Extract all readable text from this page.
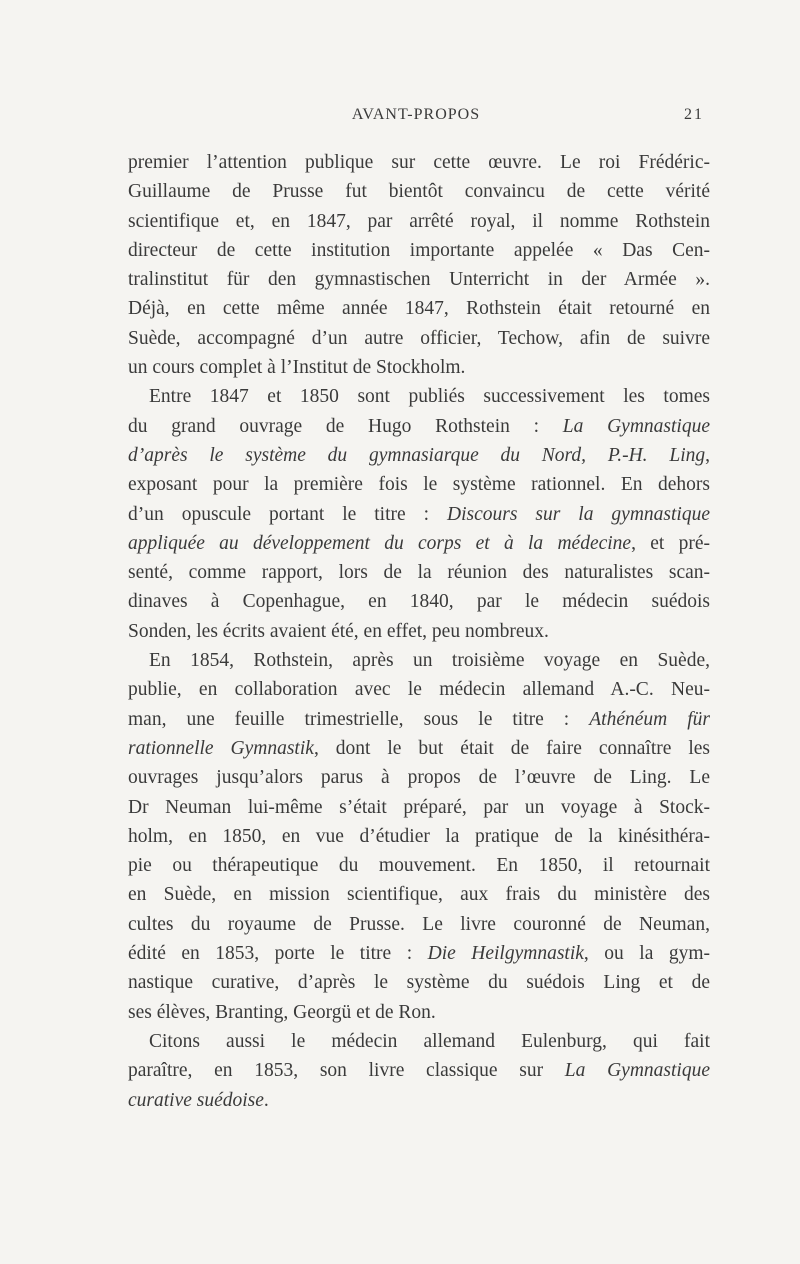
AVANT-PROPOS	21
premier l’attention publique sur cette œuvre. Le roi Frédéric-
Guillaume de Prusse fut bientôt convaincu de cette vérité
scientifique et, en 1847, par arrêté royal, il nomme Rothstein
directeur de cette institution importante appelée « Das Cen-
tralinstitut für den gymnastischen Unterricht in der Armée ».
Déjà, en cette même année 1847, Rothstein était retourné en
Suède, accompagné d’un autre officier, Techow, afin de suivre
un cours complet à l’Institut de Stockholm.
Entre 1847 et 1850 sont publiés successivement les tomes
du grand ouvrage de Hugo Rothstein : La Gymnastique
d’après le système du gymnasiarque du Nord, P.-H. Ling,
exposant pour la première fois le système rationnel. En dehors
d’un opuscule portant le titre : Discours sur la gymnastique
appliquée au développement du corps et à la médecine, et pré-
senté, comme rapport, lors de la réunion des naturalistes scan-
dinaves à Copenhague, en 1840, par le médecin suédois
Sonden, les écrits avaient été, en effet, peu nombreux.
En 1854, Rothstein, après un troisième voyage en Suède,
publie, en collaboration avec le médecin allemand A.-C. Neu-
man, une feuille trimestrielle, sous le titre : Athénéum für
rationnelle Gymnastik, dont le but était de faire connaître les
ouvrages jusqu’alors parus à propos de l’œuvre de Ling. Le
Dr Neuman lui-même s’était préparé, par un voyage à Stock-
holm, en 1850, en vue d’étudier la pratique de la kinésithéra-
pie ou thérapeutique du mouvement. En 1850, il retournait
en Suède, en mission scientifique, aux frais du ministère des
cultes du royaume de Prusse. Le livre couronné de Neuman,
édité en 1853, porte le titre : Die Heilgymnastik, ou la gym-
nastique curative, d’après le système du suédois Ling et de
ses élèves, Branting, Georgü et de Ron.
Citons aussi le médecin allemand Eulenburg, qui fait
paraître, en 1853, son livre classique sur La Gymnastique
curative suédoise.
